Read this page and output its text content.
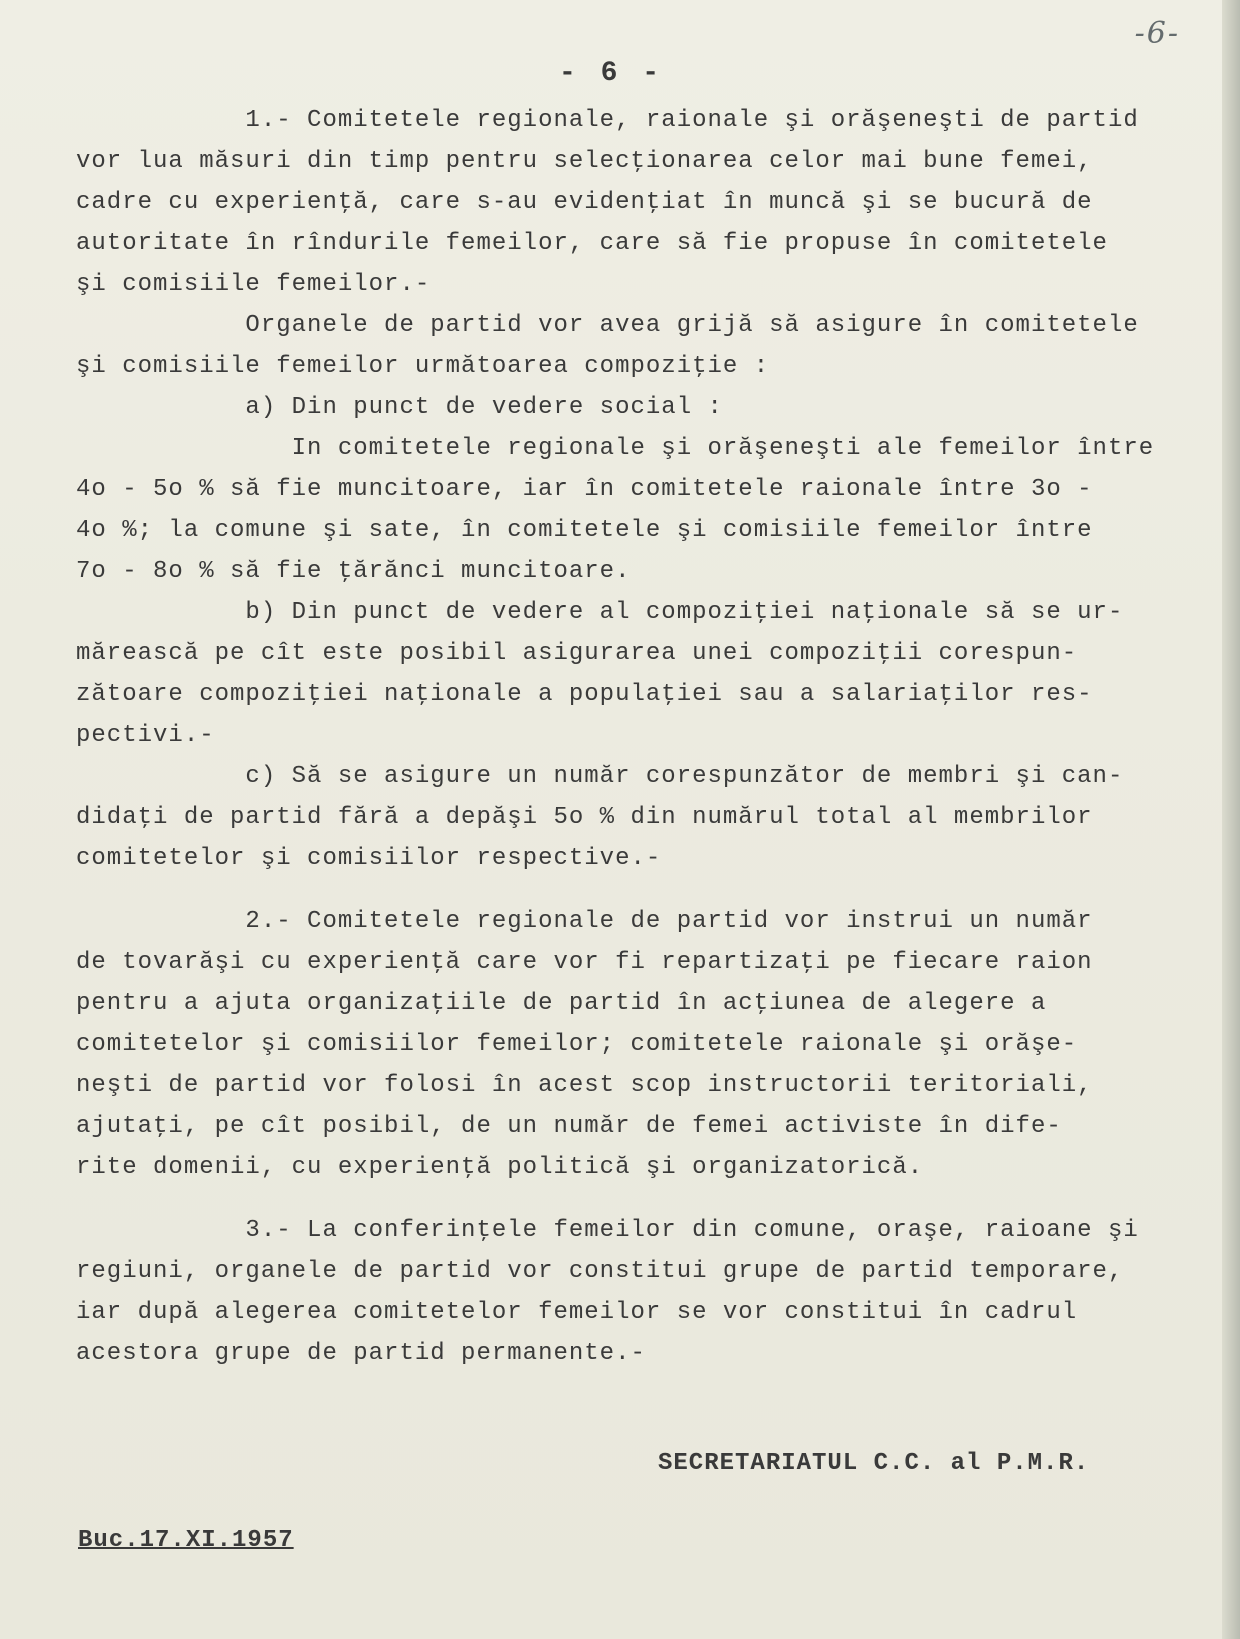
-6-
- 6 -
1.- Comitetele regionale, raionale şi orăşeneşti de partid
vor lua măsuri din timp pentru selecţionarea celor mai bune femei,
cadre cu experienţă, care s-au evidenţiat în muncă şi se bucură de
autoritate în rîndurile femeilor, care să fie propuse în comitetele
şi comisiile femeilor.-
Organele de partid vor avea grijă să asigure în comitetele
şi comisiile femeilor următoarea compoziţie :
a) Din punct de vedere social :
In comitetele regionale şi orăşeneşti ale femeilor între
4o - 5o % să fie muncitoare, iar în comitetele raionale între 3o -
4o %; la comune şi sate, în comitetele şi comisiile femeilor între
7o - 8o % să fie ţărănci muncitoare.
b) Din punct de vedere al compoziţiei naţionale să se ur-
mărească pe cît este posibil asigurarea unei compoziţii corespun-
zătoare compoziţiei naţionale a populaţiei sau a salariaţilor res-
pectivi.-
c) Să se asigure un număr corespunzător de membri şi can-
didaţi de partid fără a depăşi 5o % din numărul total al membrilor
comitetelor şi comisiilor respective.-
2.- Comitetele regionale de partid vor instrui un număr
de tovarăşi cu experienţă care vor fi repartizaţi pe fiecare raion
pentru a ajuta organizaţiile de partid în acţiunea de alegere a
comitetelor şi comisiilor femeilor; comitetele raionale şi orăşe-
neşti de partid vor folosi în acest scop instructorii teritoriali,
ajutaţi, pe cît posibil, de un număr de femei activiste în dife-
rite domenii, cu experienţă politică şi organizatorică.
3.- La conferinţele femeilor din comune, oraşe, raioane şi
regiuni, organele de partid vor constitui grupe de partid temporare,
iar după alegerea comitetelor femeilor se vor constitui în cadrul
acestora grupe de partid permanente.-
SECRETARIATUL C.C. al P.M.R.
Buc.17.XI.1957
